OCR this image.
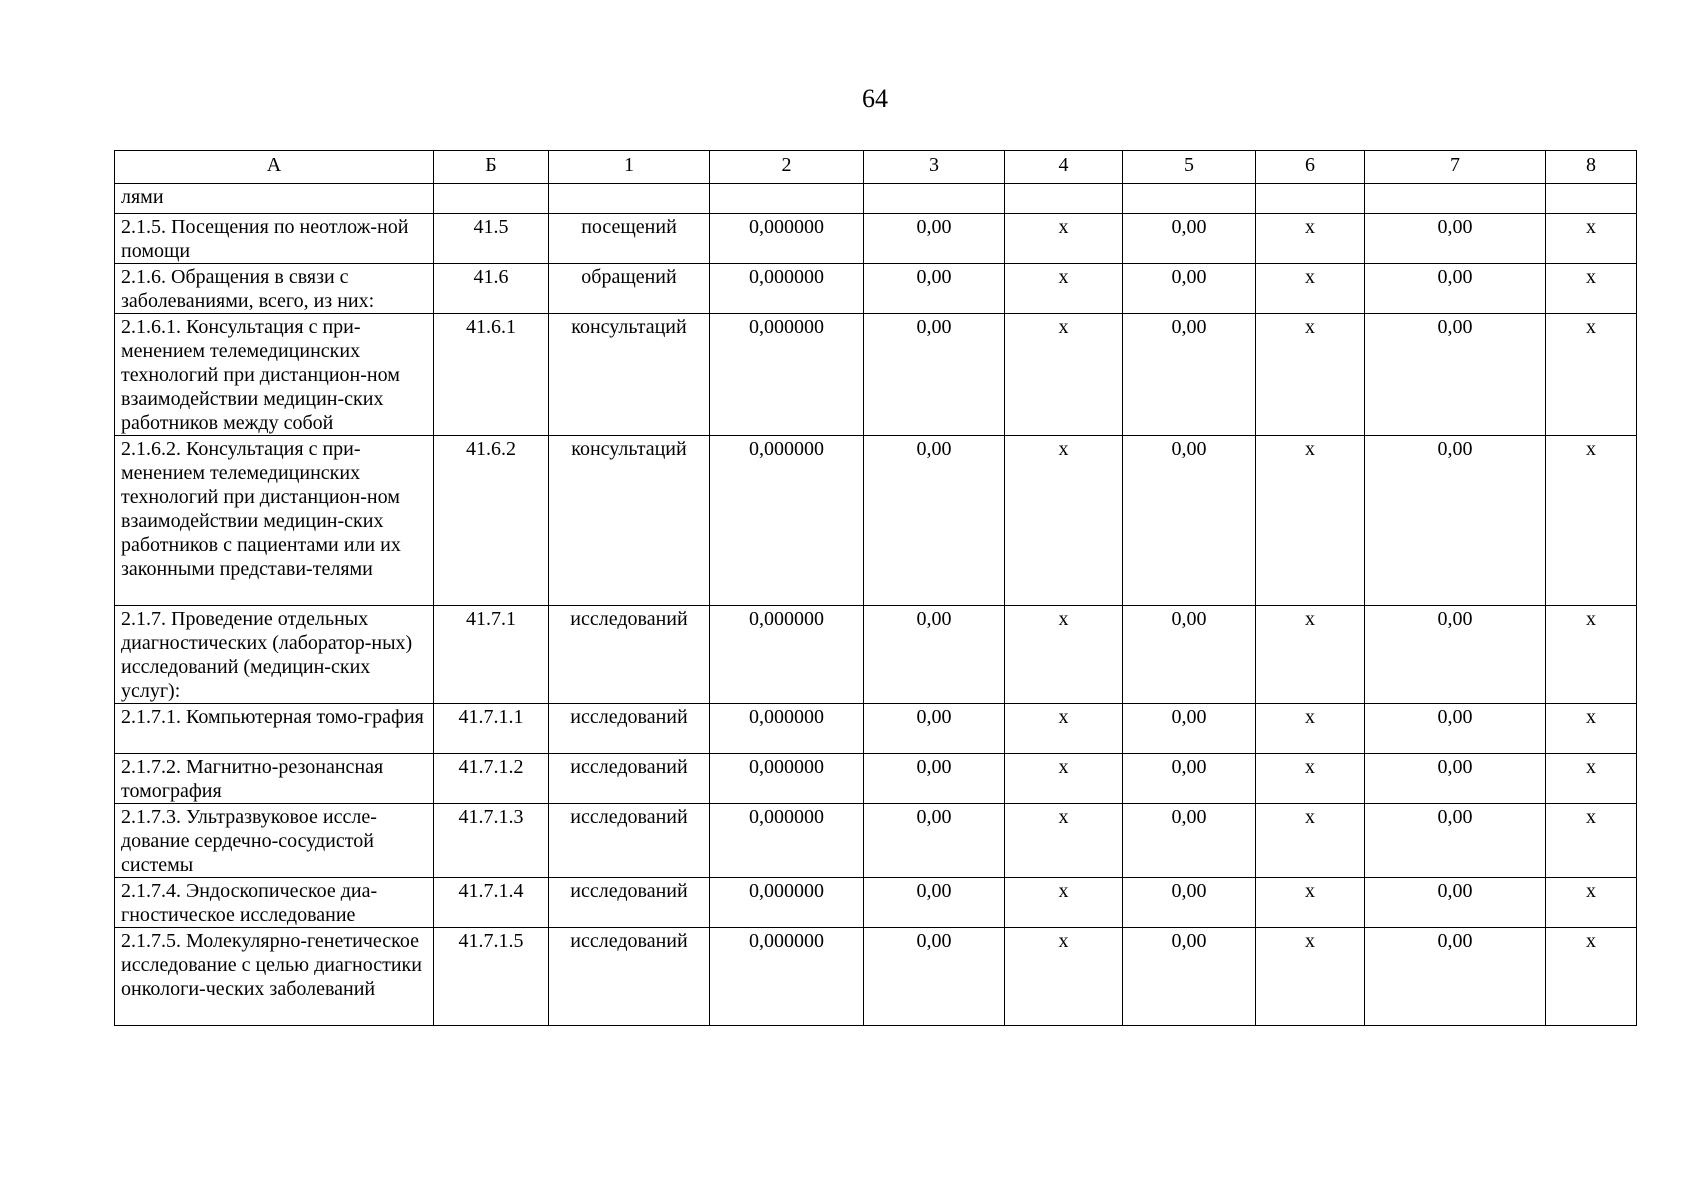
64
А	Б	1	2	3	4	5	6	7	8
лями									
2.1.5. Посещения по неотлож-ной помощи	41.5	посещений	0,000000	0,00	х	0,00	х	0,00	х
2.1.6. Обращения в связи с заболеваниями, всего, из них:	41.6	обращений	0,000000	0,00	х	0,00	х	0,00	х
2.1.6.1. Консультация с при-менением телемедицинских технологий при дистанцион-ном взаимодействии медицин-ских работников между собой	41.6.1	консультаций	0,000000	0,00	х	0,00	х	0,00	х
2.1.6.2. Консультация с при-менением телемедицинских технологий при дистанцион-ном взаимодействии медицин-ских работников с пациентами или их законными представи-телями	41.6.2	консультаций	0,000000	0,00	х	0,00	х	0,00	х
2.1.7. Проведение отдельных диагностических (лаборатор-ных) исследований (медицин-ских услуг):	41.7.1	исследований	0,000000	0,00	х	0,00	х	0,00	х
2.1.7.1. Компьютерная томо-графия	41.7.1.1	исследований	0,000000	0,00	х	0,00	х	0,00	х
2.1.7.2. Магнитно-резонансная томография	41.7.1.2	исследований	0,000000	0,00	х	0,00	х	0,00	х
2.1.7.3. Ультразвуковое иссле-дование сердечно-сосудистой системы	41.7.1.3	исследований	0,000000	0,00	х	0,00	х	0,00	х
2.1.7.4. Эндоскопическое диа-гностическое исследование	41.7.1.4	исследований	0,000000	0,00	х	0,00	х	0,00	х
2.1.7.5. Молекулярно-генетическое исследование с целью диагностики онкологи-ческих заболеваний	41.7.1.5	исследований	0,000000	0,00	х	0,00	х	0,00	х
